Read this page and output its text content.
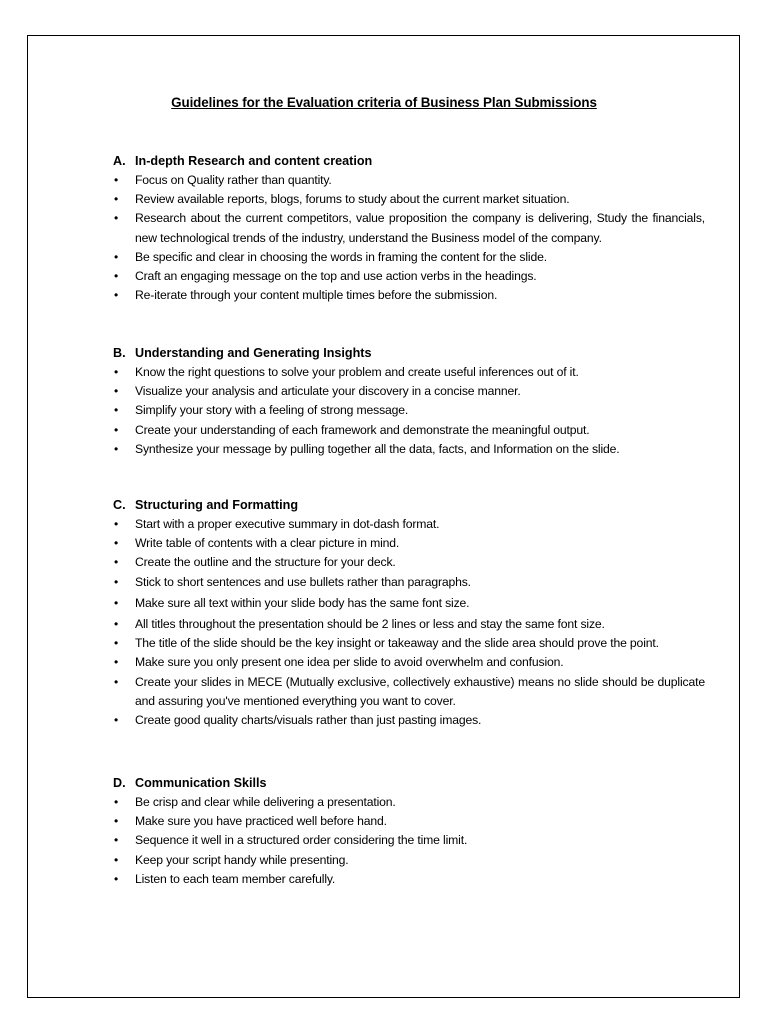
Guidelines for the Evaluation criteria of Business Plan Submissions
A. In-depth Research and content creation
• Focus on Quality rather than quantity.
• Review available reports, blogs, forums to study about the current market situation.
• Research about the current competitors, value proposition the company is delivering, Study the financials, new technological trends of the industry, understand the Business model of the company.
• Be specific and clear in choosing the words in framing the content for the slide.
• Craft an engaging message on the top and use action verbs in the headings.
• Re-iterate through your content multiple times before the submission.
B. Understanding and Generating Insights
• Know the right questions to solve your problem and create useful inferences out of it.
• Visualize your analysis and articulate your discovery in a concise manner.
• Simplify your story with a feeling of strong message.
• Create your understanding of each framework and demonstrate the meaningful output.
• Synthesize your message by pulling together all the data, facts, and Information on the slide.
C. Structuring and Formatting
• Start with a proper executive summary in dot-dash format.
• Write table of contents with a clear picture in mind.
• Create the outline and the structure for your deck.
• Stick to short sentences and use bullets rather than paragraphs.
• Make sure all text within your slide body has the same font size.
• All titles throughout the presentation should be 2 lines or less and stay the same font size.
• The title of the slide should be the key insight or takeaway and the slide area should prove the point.
• Make sure you only present one idea per slide to avoid overwhelm and confusion.
• Create your slides in MECE (Mutually exclusive, collectively exhaustive) means no slide should be duplicate and assuring you've mentioned everything you want to cover.
• Create good quality charts/visuals rather than just pasting images.
D. Communication Skills
• Be crisp and clear while delivering a presentation.
• Make sure you have practiced well before hand.
• Sequence it well in a structured order considering the time limit.
• Keep your script handy while presenting.
• Listen to each team member carefully.
